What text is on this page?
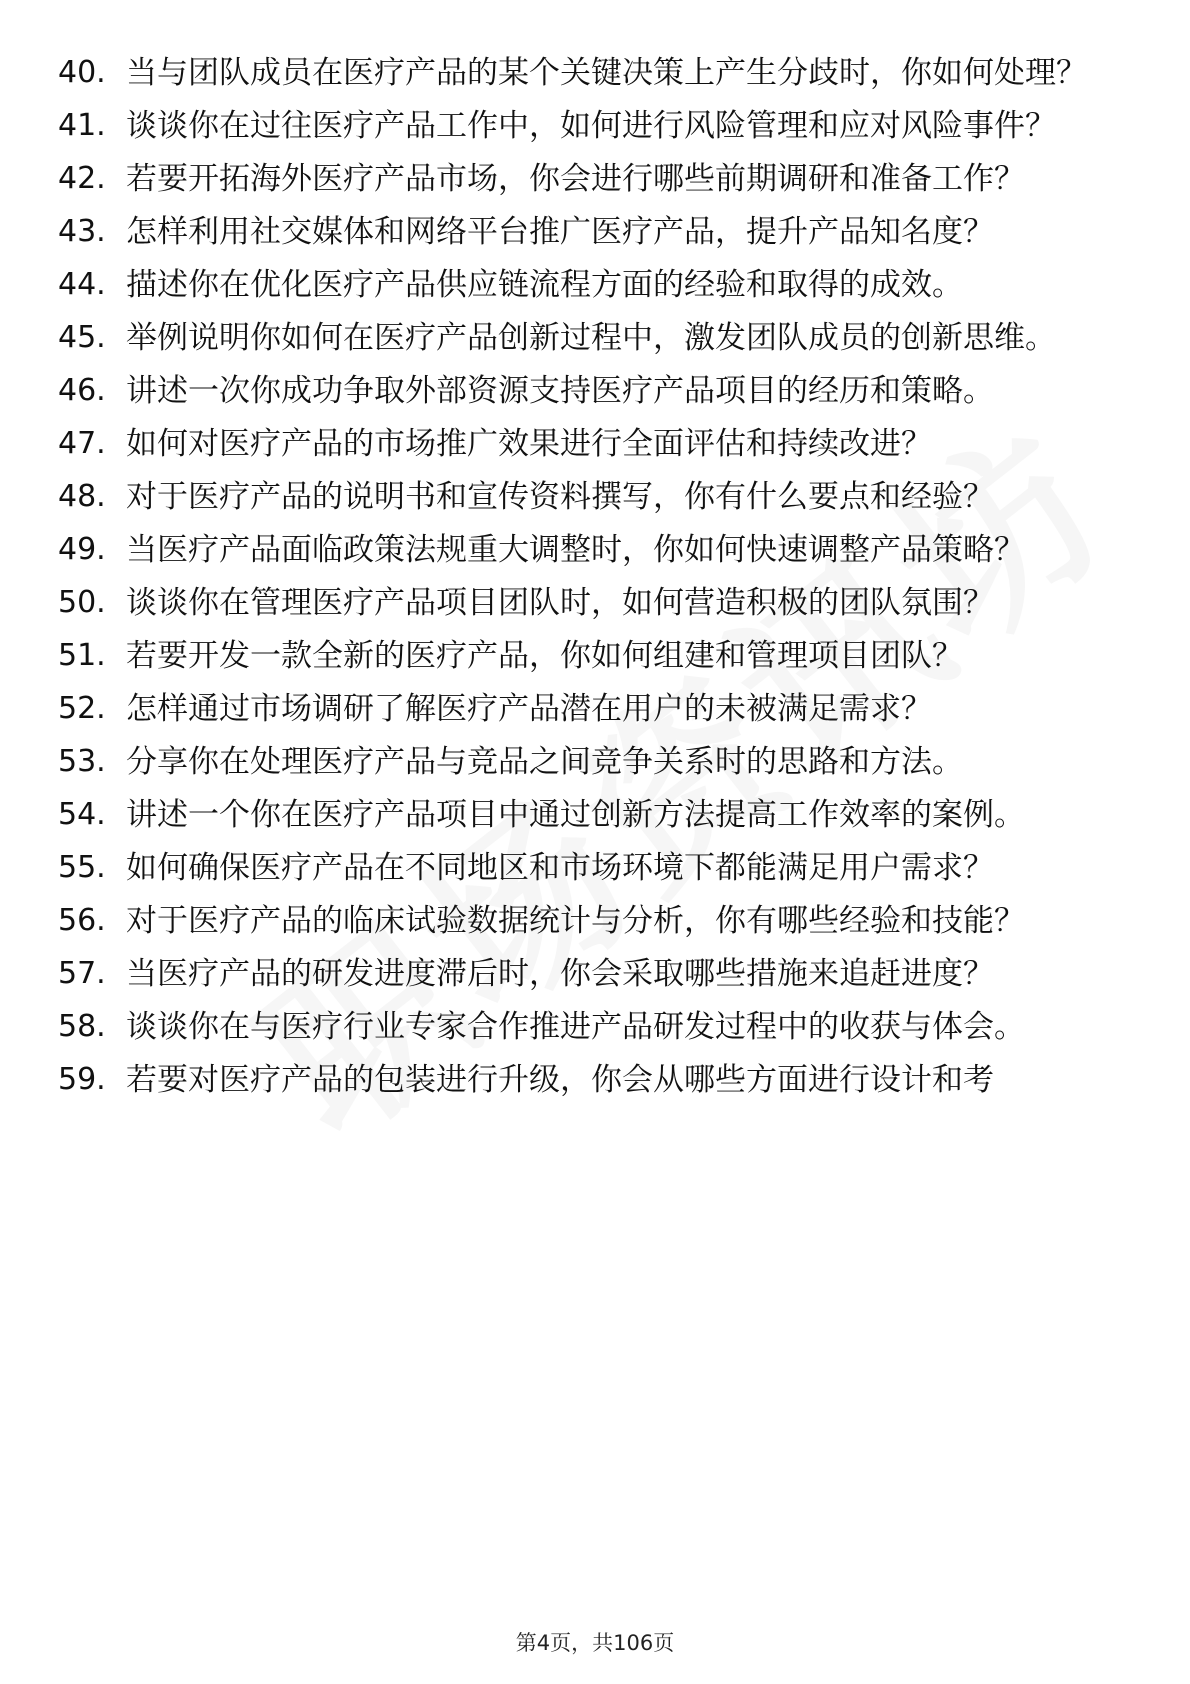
40. 当与团队成员在医疗产品的某个关键决策上产生分歧时，你如何处理？
41. 谈谈你在过往医疗产品工作中，如何进行风险管理和应对风险事件？
42. 若要开拓海外医疗产品市场，你会进行哪些前期调研和准备工作？
43. 怎样利用社交媒体和网络平台推广医疗产品，提升产品知名度？
44. 描述你在优化医疗产品供应链流程方面的经验和取得的成效。
45. 举例说明你如何在医疗产品创新过程中，激发团队成员的创新思维。
46. 讲述一次你成功争取外部资源支持医疗产品项目的经历和策略。
47. 如何对医疗产品的市场推广效果进行全面评估和持续改进？
48. 对于医疗产品的说明书和宣传资料撰写，你有什么要点和经验？
49. 当医疗产品面临政策法规重大调整时，你如何快速调整产品策略？
50. 谈谈你在管理医疗产品项目团队时，如何营造积极的团队氛围？
51. 若要开发一款全新的医疗产品，你如何组建和管理项目团队？
52. 怎样通过市场调研了解医疗产品潜在用户的未被满足需求？
53. 分享你在处理医疗产品与竞品之间竞争关系时的思路和方法。
54. 讲述一个你在医疗产品项目中通过创新方法提高工作效率的案例。
55. 如何确保医疗产品在不同地区和市场环境下都能满足用户需求？
56. 对于医疗产品的临床试验数据统计与分析，你有哪些经验和技能？
57. 当医疗产品的研发进度滞后时，你会采取哪些措施来追赶进度？
58. 谈谈你在与医疗行业专家合作推进产品研发过程中的收获与体会。
59. 若要对医疗产品的包装进行升级，你会从哪些方面进行设计和考
第4页，共106页
